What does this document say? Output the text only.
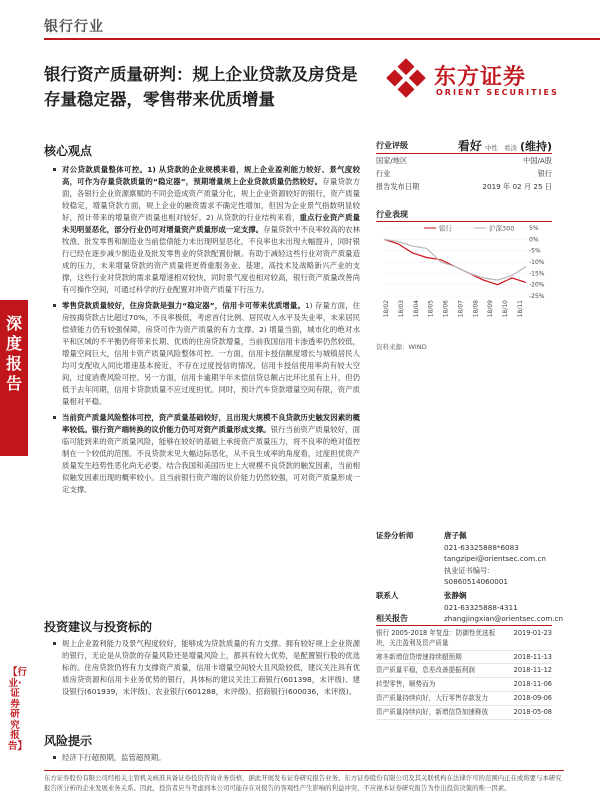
银行行业
银行资产质量研判：规上企业贷款及房贷是存量稳定器，零售带来优质增量
东方证券
ORIENT SECURITIES
深度报告
【行业·证券研究报告】
核心观点
对公贷款质量整体可控。1) 从贷款的企业规模来看，规上企业盈利能力较好、景气度较高，可作为存量贷款质量的“稳定器”，预期增量规上企业贷款质量仍然较好。存量贷款方面，各银行企业资源禀赋的不同会造成资产质量分化，规上企业资源较好的银行，资产质量较稳定，增量贷款方面，规上企业的融资需求不确定性增加，但因为企业景气指数明显较好，预计带来的增量资产质量也相对较好。2) 从贷款的行业结构来看，重点行业资产质量未见明显恶化，部分行业仍可对增量资产质量形成一定支撑。存量贷款中不良率较高的农林牧渔、批发零售和制造业当前偿债能力未出现明显恶化，不良率也未出现大幅提升，同时银行已经在逐步减少制造业及批发零售业的贷款配置份额。有助于减轻这些行业对资产质量造成的压力，未来增量贷款的资产质量将更倚重服务业、基建、高技术及战略新兴产业的支撑，这些行业对贷款的需求量增速相对较快，同时景气度也相对较高，银行资产质量改善尚有可操作空间，可通过科学的行业配置对冲资产质量下行压力。
零售贷款质量较好，住房贷款是强力“稳定器”，信用卡可带来优质增量。1) 存量方面，住房按揭贷款占比超过70%，不良率极低，考虑首付比例、居民收入水平及失业率，未来居民偿债能力仍有较强保障，房贷可作为资产质量的有力支撑。2) 增量当面，城市化的绝对水平和区域的不平衡仍将带来长期、优质的住房贷款增量，当前我国信用卡渗透率仍然较低，增量空间巨大，信用卡资产质量风险整体可控。一方面，信用卡授信额度增长与城镇居民人均可支配收入同比增速基本接近，不存在过度授信的情况，信用卡授信使用率尚有较大空间，过度消费风险可控。另一方面，信用卡逾期半年未偿信贷总额占比环比虽有上升，但仍低于去年同期，信用卡贷款质量不应过度担忧。同时，预计汽车贷款增量空间有限，资产质量相对平稳。
当前资产质量风险整体可控，资产质量基础较好，且出现大规模不良贷款历史触发因素的概率较低。银行资产端转换的议价能力仍可对资产质量形成支撑。银行当前资产质量较好，面临可能到来的资产质量风险，能够在较好的基础上承接资产质量压力，将不良率的绝对值控制在一个较低的范围。不良贷款未见大幅边际恶化，从不良生成率的角度看，过度担忧资产质量发生趋势性恶化尚无必要。结合我国和美国历史上大规模不良贷款的触发因素，当前相似触发因素出现的概率较小。且当前银行资产端的议价能力仍然较强，可对资产质量形成一定支撑。
投资建议与投资标的
规上企业盈利能力及景气程度较好，能够成为贷款质量的有力支撑。拥有较好规上企业资源的银行，无论是从贷款的存量风险还是增量风险上，都具有较大优势，是配置银行股的优选标的。住房贷款仍将有力支撑资产质量，信用卡增量空间较大且风险较低，建议关注具有优质房贷资源和信用卡业务优势的银行，具体标的建议关注工商银行(601398，未评级)、建设银行(601939，未评级)、农业银行(601288，未评级)、招商银行(600036，未评级)。
风险提示
经济下行超预期，监管超预期。
行业评级	看好 中性 看淡 (维持)
国家/地区	中国/A股
行业	银行
报告发布日期	2019 年 02 月 25 日
行业表现
银行	沪深300 5%
0%
-5%
-10%
-15%
-20%
-25%
18/02 18/03 18/04 18/05 18/06 18/07 18/08 18/09 18/10 18/11
资料来源：WIND
证券分析师	唐子佩
021-63325888*6083
tangzipei@orientsec.com.cn
执业证书编号：S0860514060001
联系人	张静娴
021-63325888-4311
zhangjingxian@orientsec.com.cn
相关报告
银行 2005-2018 年复盘：防御性优选板块，关注盈利及资产质量
2019-01-23
寒冬新增信贷增速持续超预期	2018-11-13
资产质量平稳，息差改善提振利润	2018-11-12
转型零售，顺势而为	2018-11-06
资产质量持续向好，大行零售存款发力	2018-09-06
资产质量持续向好，新增信贷加速释放	2018-05-08
东方证券股份有限公司经相关主管机关核准具备证券投资咨询业务资格，据此开展发布证券研究报告业务。东方证券股份有限公司及其关联机构在法律许可的范围内正在或将要与本研究报告所分析的企业发展业务关系。因此，投资者应当考虑到本公司可能存在对报告的客观性产生影响的利益冲突，不应视本证券研究报告为作出投资决策的唯一因素。
